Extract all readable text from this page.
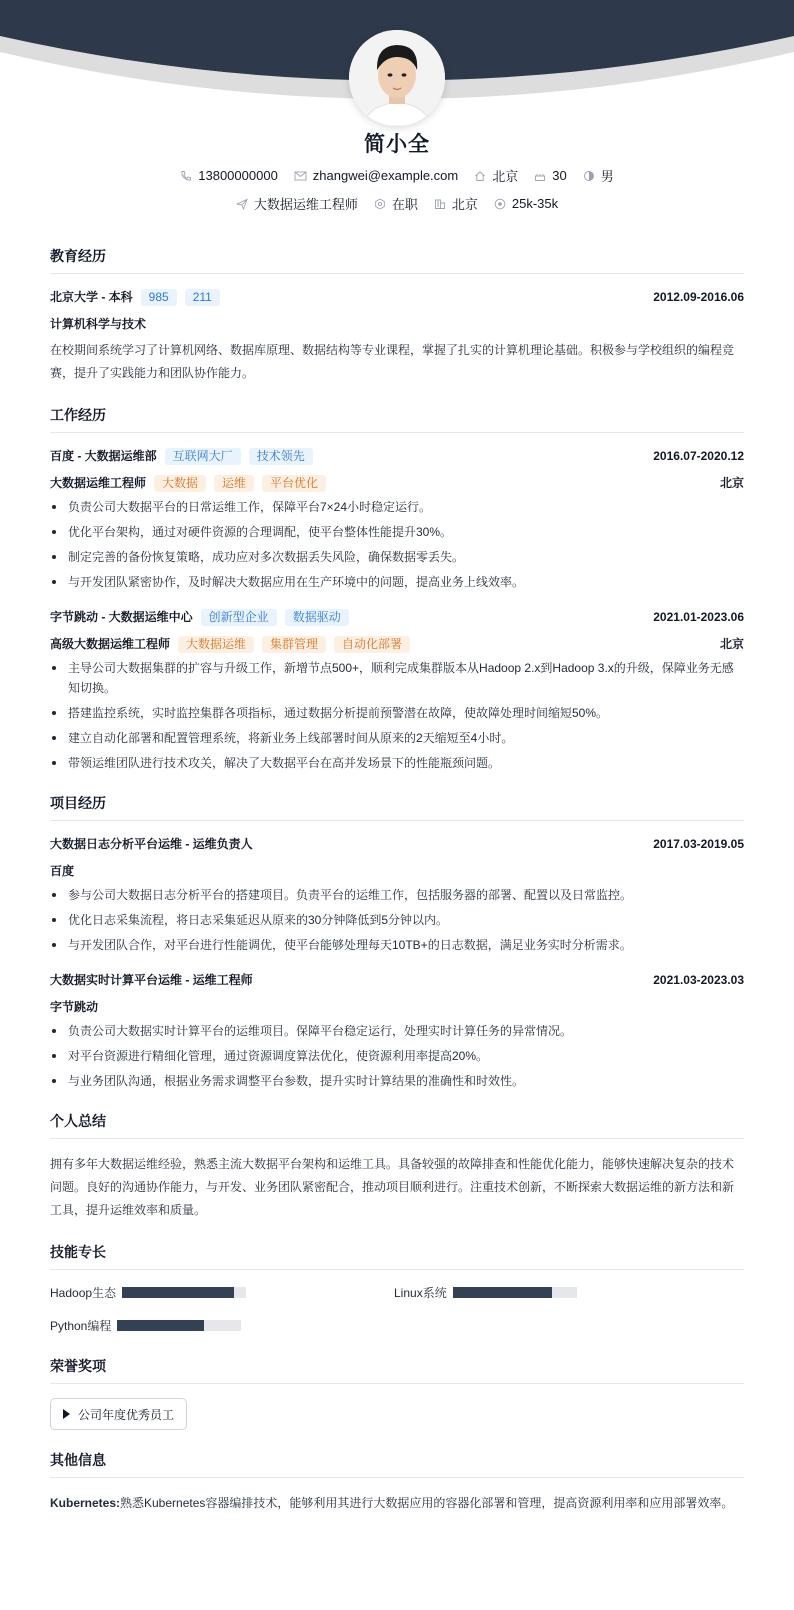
简小全
13800000000	zhangwei@example.com	北京	30	男
大数据运维工程师	在职	北京	25k-35k
教育经历
北京大学 - 本科	985	211	2012.09-2016.06
计算机科学与技术
在校期间系统学习了计算机网络、数据库原理、数据结构等专业课程，掌握了扎实的计算机理论基础。积极参与学校组织的编程竞赛，提升了实践能力和团队协作能力。
工作经历
百度 - 大数据运维部	互联网大厂	技术领先	2016.07-2020.12
大数据运维工程师	大数据	运维	平台优化	北京
负责公司大数据平台的日常运维工作，保障平台7×24小时稳定运行。
优化平台架构，通过对硬件资源的合理调配，使平台整体性能提升30%。
制定完善的备份恢复策略，成功应对多次数据丢失风险，确保数据零丢失。
与开发团队紧密协作，及时解决大数据应用在生产环境中的问题，提高业务上线效率。
字节跳动 - 大数据运维中心	创新型企业	数据驱动	2021.01-2023.06
高级大数据运维工程师	大数据运维	集群管理	自动化部署	北京
主导公司大数据集群的扩容与升级工作，新增节点500+，顺利完成集群版本从Hadoop 2.x到Hadoop 3.x的升级，保障业务无感知切换。
搭建监控系统，实时监控集群各项指标，通过数据分析提前预警潜在故障，使故障处理时间缩短50%。
建立自动化部署和配置管理系统，将新业务上线部署时间从原来的2天缩短至4小时。
带领运维团队进行技术攻关，解决了大数据平台在高并发场景下的性能瓶颈问题。
项目经历
大数据日志分析平台运维 - 运维负责人	2017.03-2019.05
百度
参与公司大数据日志分析平台的搭建项目。负责平台的运维工作，包括服务器的部署、配置以及日常监控。
优化日志采集流程，将日志采集延迟从原来的30分钟降低到5分钟以内。
与开发团队合作，对平台进行性能调优，使平台能够处理每天10TB+的日志数据，满足业务实时分析需求。
大数据实时计算平台运维 - 运维工程师	2021.03-2023.03
字节跳动
负责公司大数据实时计算平台的运维项目。保障平台稳定运行，处理实时计算任务的异常情况。
对平台资源进行精细化管理，通过资源调度算法优化，使资源利用率提高20%。
与业务团队沟通，根据业务需求调整平台参数，提升实时计算结果的准确性和时效性。
个人总结
拥有多年大数据运维经验，熟悉主流大数据平台架构和运维工具。具备较强的故障排查和性能优化能力，能够快速解决复杂的技术问题。良好的沟通协作能力，与开发、业务团队紧密配合，推动项目顺利进行。注重技术创新，不断探索大数据运维的新方法和新工具，提升运维效率和质量。
技能专长
Hadoop生态	Linux系统
Python编程
荣誉奖项
公司年度优秀员工
其他信息
Kubernetes: 熟悉Kubernetes容器编排技术，能够利用其进行大数据应用的容器化部署和管理，提高资源利用率和应用部署效率。
